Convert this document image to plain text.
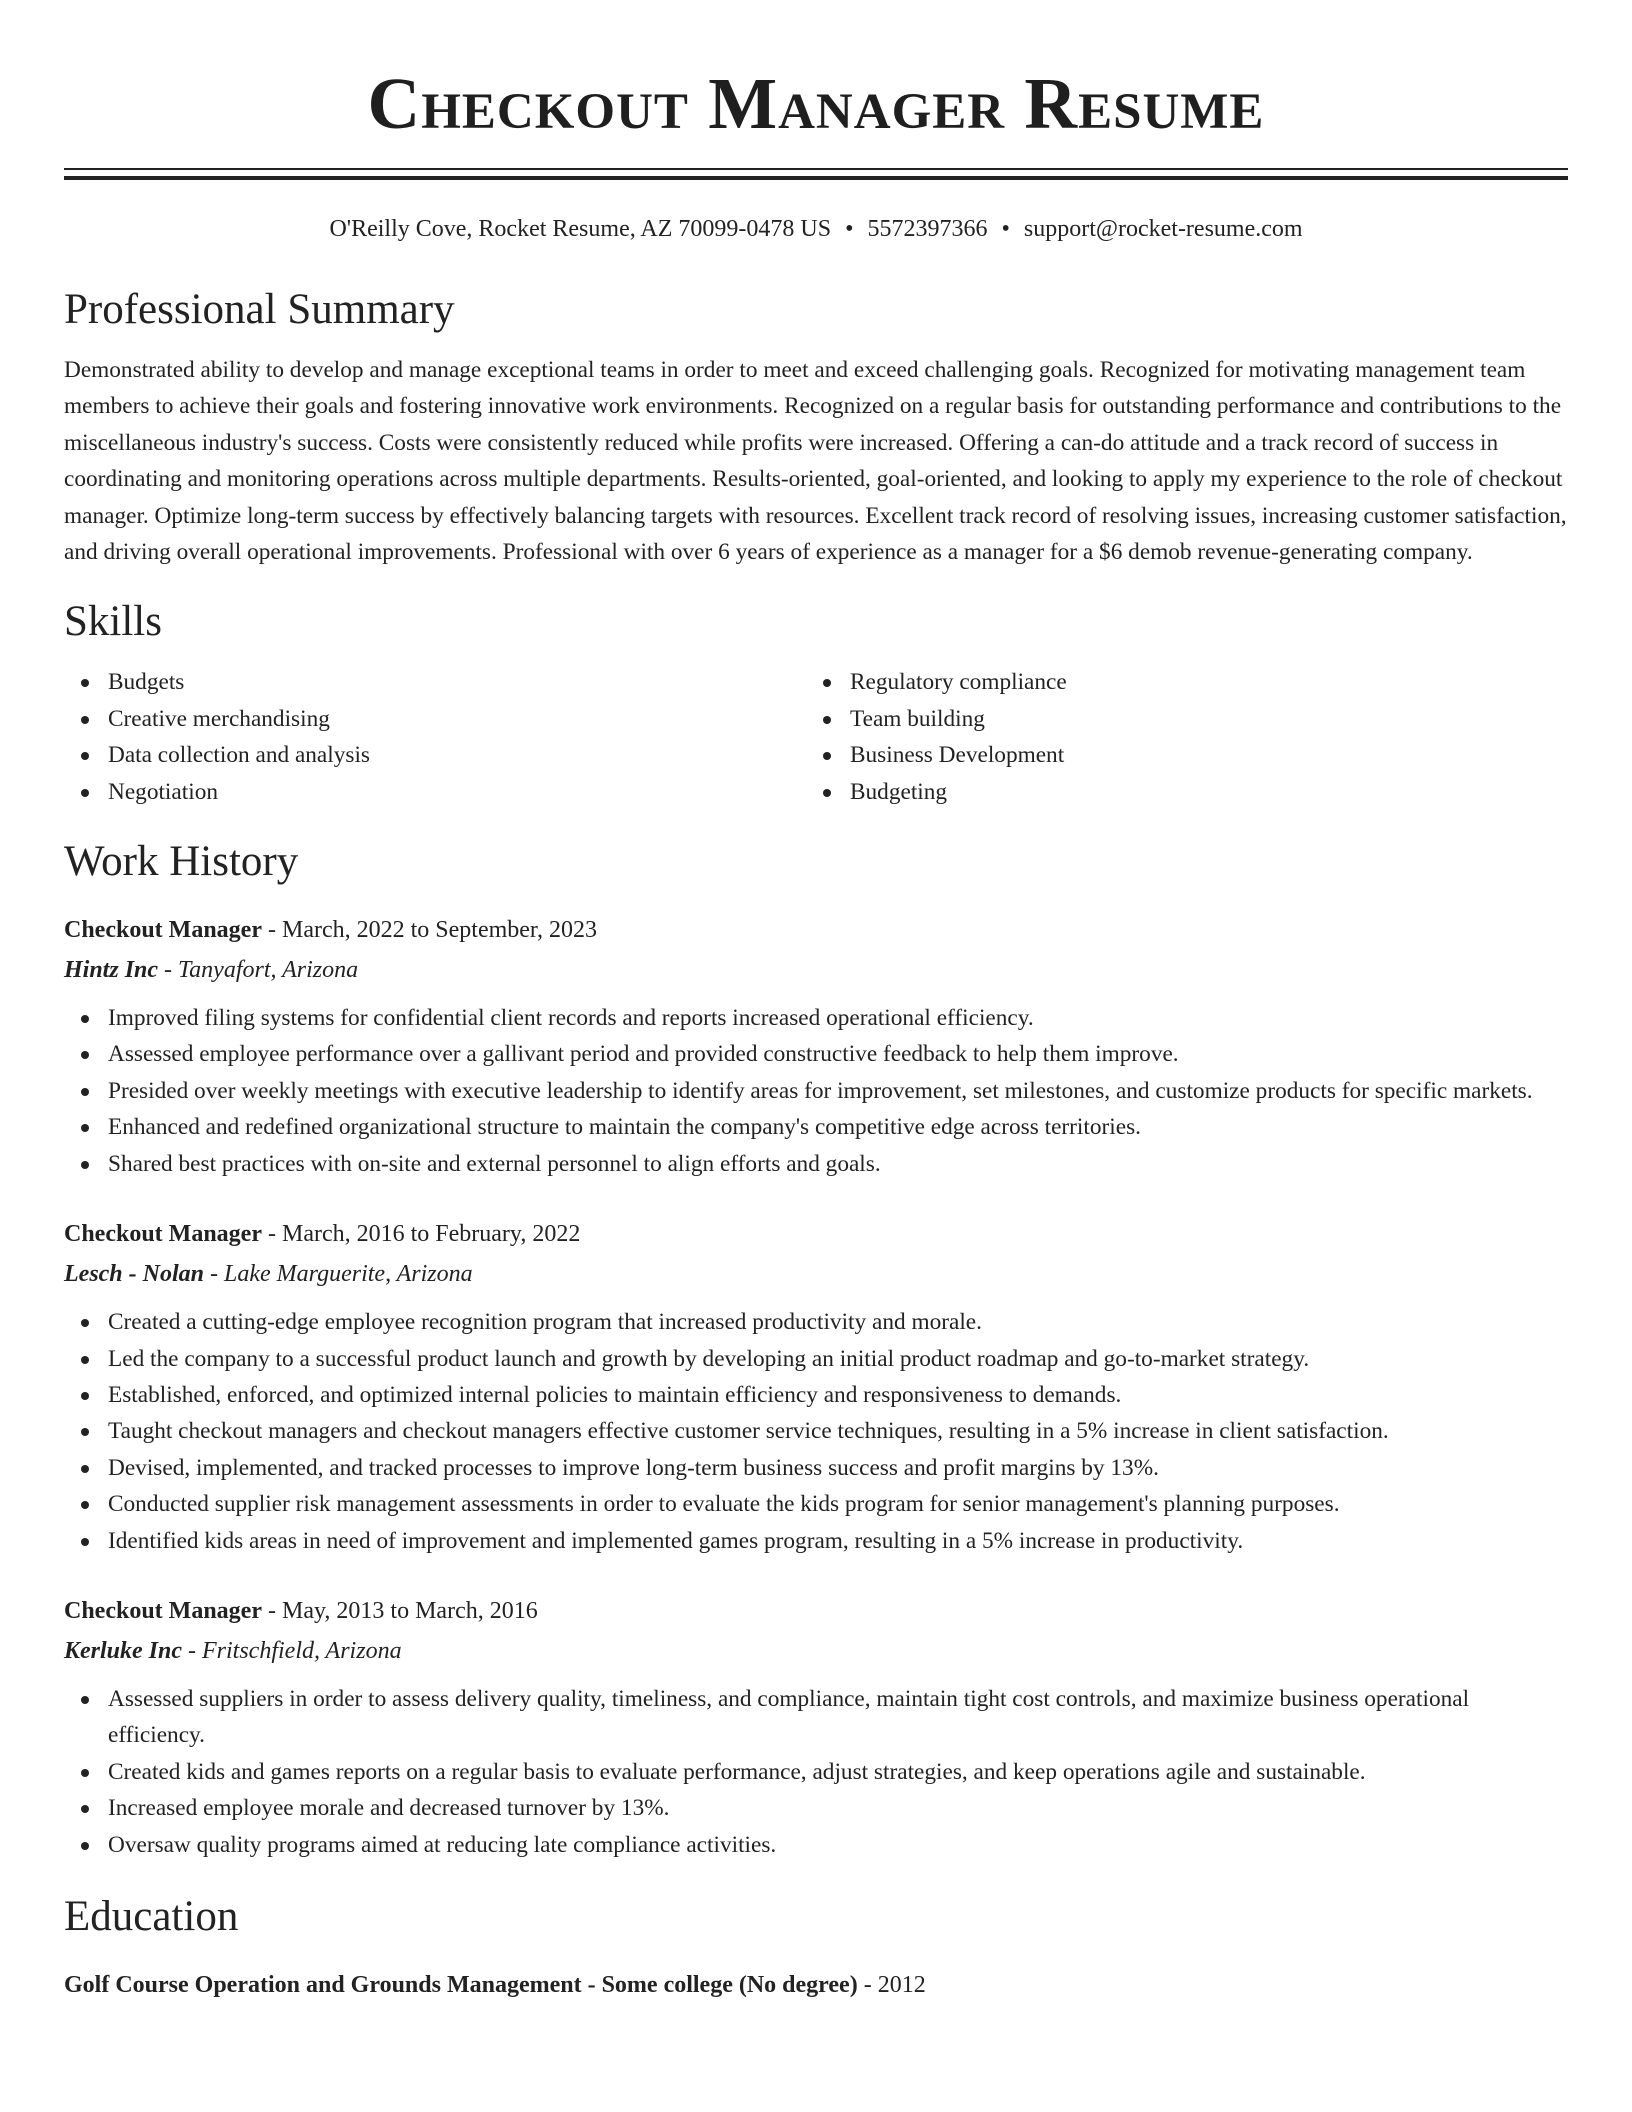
Checkout Manager Resume
O'Reilly Cove, Rocket Resume, AZ 70099-0478 US • 5572397366 • support@rocket-resume.com
Professional Summary

Demonstrated ability to develop and manage exceptional teams in order to meet and exceed challenging goals. Recognized for motivating management team members to achieve their goals and fostering innovative work environments. Recognized on a regular basis for outstanding performance and contributions to the miscellaneous industry's success. Costs were consistently reduced while profits were increased. Offering a can-do attitude and a track record of success in coordinating and monitoring operations across multiple departments. Results-oriented, goal-oriented, and looking to apply my experience to the role of checkout manager. Optimize long-term success by effectively balancing targets with resources. Excellent track record of resolving issues, increasing customer satisfaction, and driving overall operational improvements. Professional with over 6 years of experience as a manager for a $6 demob revenue-generating company.

Skills
Budgets
Creative merchandising
Data collection and analysis
Negotiation
Regulatory compliance
Team building
Business Development
Budgeting
Work History
Checkout Manager - March, 2022 to September, 2023
Hintz Inc - Tanyafort, Arizona
Improved filing systems for confidential client records and reports increased operational efficiency.
Assessed employee performance over a gallivant period and provided constructive feedback to help them improve.
Presided over weekly meetings with executive leadership to identify areas for improvement, set milestones, and customize products for specific markets.
Enhanced and redefined organizational structure to maintain the company's competitive edge across territories.
Shared best practices with on-site and external personnel to align efforts and goals.
Checkout Manager - March, 2016 to February, 2022
Lesch - Nolan - Lake Marguerite, Arizona
Created a cutting-edge employee recognition program that increased productivity and morale.
Led the company to a successful product launch and growth by developing an initial product roadmap and go-to-market strategy.
Established, enforced, and optimized internal policies to maintain efficiency and responsiveness to demands.
Taught checkout managers and checkout managers effective customer service techniques, resulting in a 5% increase in client satisfaction.
Devised, implemented, and tracked processes to improve long-term business success and profit margins by 13%.
Conducted supplier risk management assessments in order to evaluate the kids program for senior management's planning purposes.
Identified kids areas in need of improvement and implemented games program, resulting in a 5% increase in productivity.
Checkout Manager - May, 2013 to March, 2016
Kerluke Inc - Fritschfield, Arizona
Assessed suppliers in order to assess delivery quality, timeliness, and compliance, maintain tight cost controls, and maximize business operational efficiency.
Created kids and games reports on a regular basis to evaluate performance, adjust strategies, and keep operations agile and sustainable.
Increased employee morale and decreased turnover by 13%.
Oversaw quality programs aimed at reducing late compliance activities.
Education
Golf Course Operation and Grounds Management - Some college (No degree) - 2012
